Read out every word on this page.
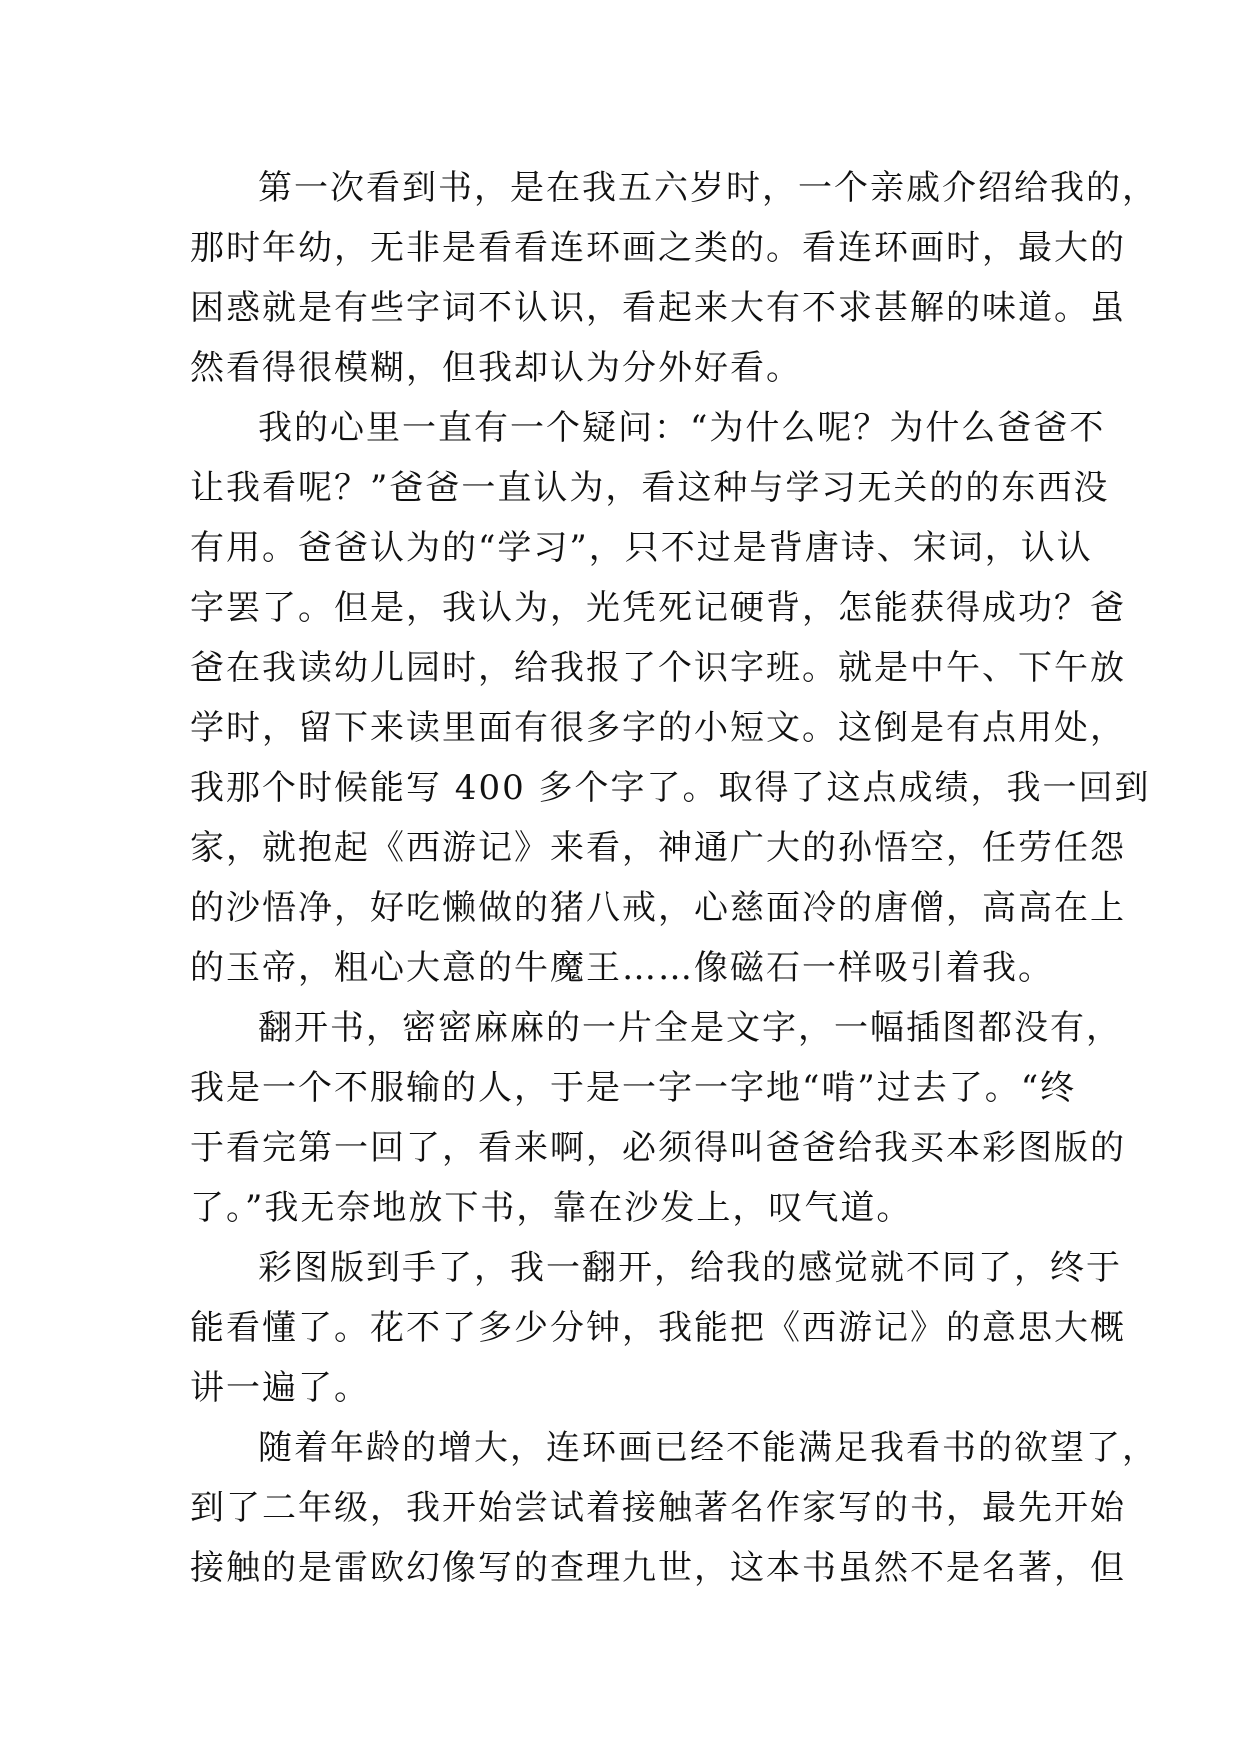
第一次看到书，是在我五六岁时，一个亲戚介绍给我的，
那时年幼，无非是看看连环画之类的。看连环画时，最大的
困惑就是有些字词不认识，看起来大有不求甚解的味道。虽
然看得很模糊，但我却认为分外好看。

我的心里一直有一个疑问：“为什么呢？为什么爸爸不
让我看呢？”爸爸一直认为，看这种与学习无关的的东西没
有用。爸爸认为的“学习”，只不过是背唐诗、宋词，认认
字罢了。但是，我认为，光凭死记硬背，怎能获得成功？爸
爸在我读幼儿园时，给我报了个识字班。就是中午、下午放
学时，留下来读里面有很多字的小短文。这倒是有点用处，
我那个时候能写 400 多个字了。取得了这点成绩，我一回到
家，就抱起《西游记》来看，神通广大的孙悟空，任劳任怨
的沙悟净，好吃懒做的猪八戒，心慈面冷的唐僧，高高在上
的玉帝，粗心大意的牛魔王……像磁石一样吸引着我。

翻开书，密密麻麻的一片全是文字，一幅插图都没有，
我是一个不服输的人，于是一字一字地“啃”过去了。“终
于看完第一回了，看来啊，必须得叫爸爸给我买本彩图版的
了。”我无奈地放下书，靠在沙发上，叹气道。

彩图版到手了，我一翻开，给我的感觉就不同了，终于
能看懂了。花不了多少分钟，我能把《西游记》的意思大概
讲一遍了。

随着年龄的增大，连环画已经不能满足我看书的欲望了，
到了二年级，我开始尝试着接触著名作家写的书，最先开始
接触的是雷欧幻像写的查理九世，这本书虽然不是名著，但
